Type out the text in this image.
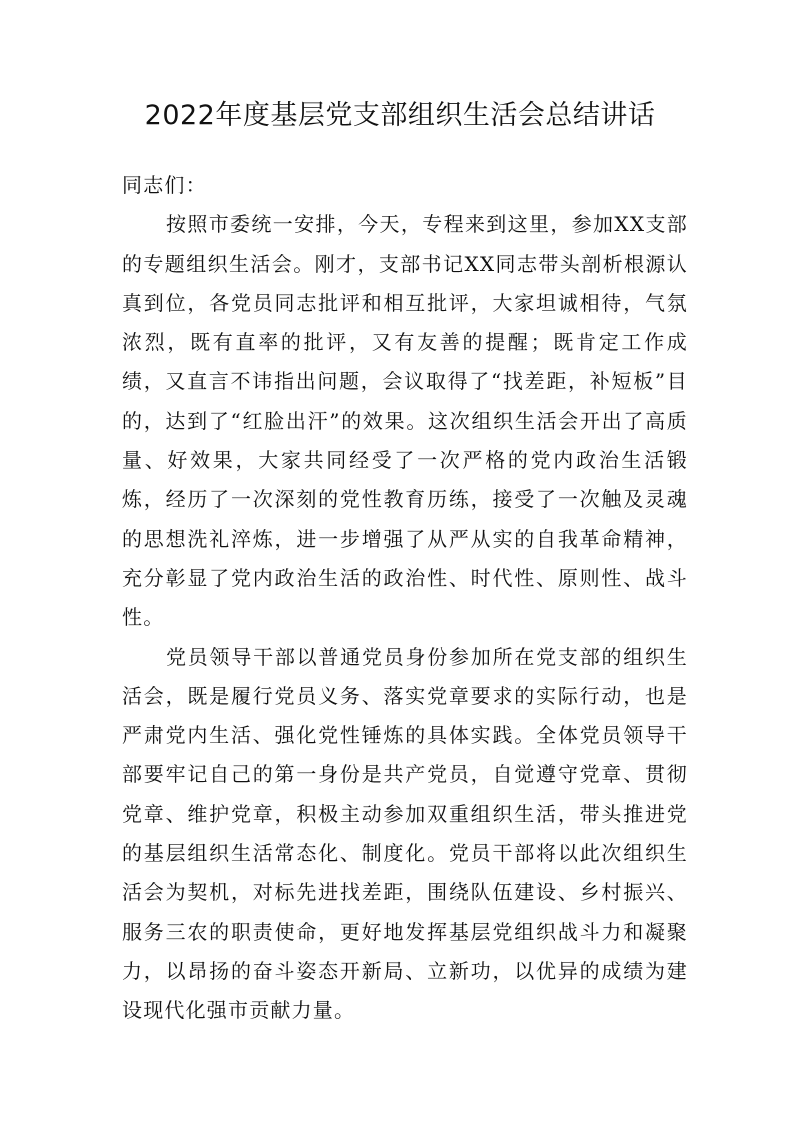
2022年度基层党支部组织生活会总结讲话

同志们：

按照市委统一安排，今天，专程来到这里，参加XX支部的专题组织生活会。刚才，支部书记XX同志带头剖析根源认真到位，各党员同志批评和相互批评，大家坦诚相待，气氛浓烈，既有直率的批评，又有友善的提醒；既肯定工作成绩，又直言不讳指出问题，会议取得了“找差距，补短板”目的，达到了“红脸出汗”的效果。这次组织生活会开出了高质量、好效果，大家共同经受了一次严格的党内政治生活锻炼，经历了一次深刻的党性教育历练，接受了一次触及灵魂的思想洗礼淬炼，进一步增强了从严从实的自我革命精神，充分彰显了党内政治生活的政治性、时代性、原则性、战斗性。

党员领导干部以普通党员身份参加所在党支部的组织生活会，既是履行党员义务、落实党章要求的实际行动，也是严肃党内生活、强化党性锤炼的具体实践。全体党员领导干部要牢记自己的第一身份是共产党员，自觉遵守党章、贯彻党章、维护党章，积极主动参加双重组织生活，带头推进党的基层组织生活常态化、制度化。党员干部将以此次组织生活会为契机，对标先进找差距，围绕队伍建设、乡村振兴、服务三农的职责使命，更好地发挥基层党组织战斗力和凝聚力，以昂扬的奋斗姿态开新局、立新功，以优异的成绩为建设现代化强市贡献力量。
